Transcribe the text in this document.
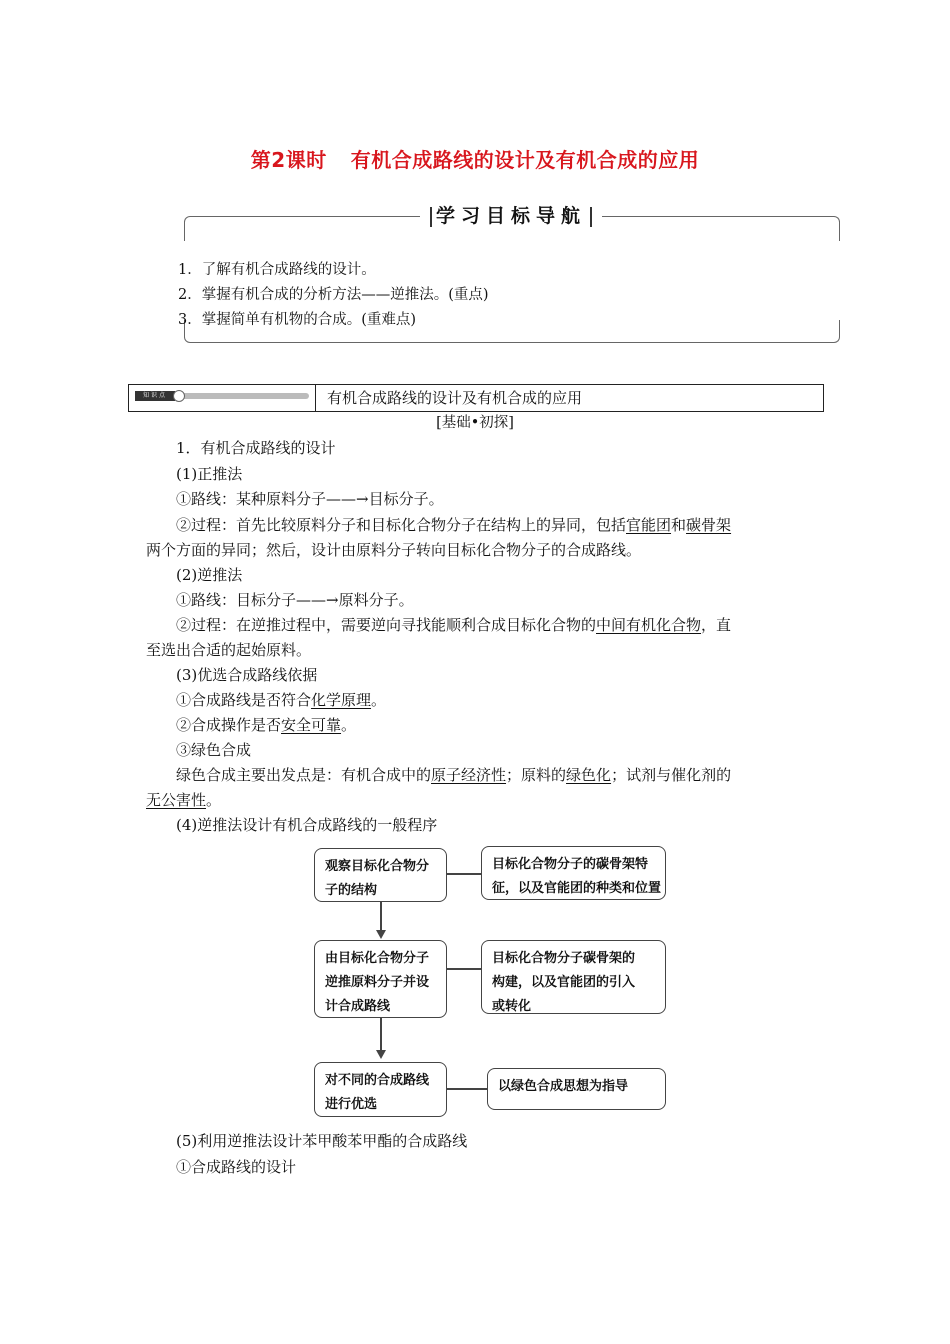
第2课时 有机合成路线的设计及有机合成的应用
学习目标导航
1．了解有机合成路线的设计。
2．掌握有机合成的分析方法——逆推法。(重点)
3．掌握简单有机物的合成。(重难点)
知识点	有机合成路线的设计及有机合成的应用
[基础•初探]
1．有机合成路线的设计
(1)正推法
①路线：某种原料分子——→目标分子。
②过程：首先比较原料分子和目标化合物分子在结构上的异同，包括官能团和碳骨架
两个方面的异同；然后，设计由原料分子转向目标化合物分子的合成路线。
(2)逆推法
①路线：目标分子——→原料分子。
②过程：在逆推过程中，需要逆向寻找能顺利合成目标化合物的中间有机化合物，直
至选出合适的起始原料。
(3)优选合成路线依据
①合成路线是否符合化学原理。
②合成操作是否安全可靠。
③绿色合成
绿色合成主要出发点是：有机合成中的原子经济性；原料的绿色化；试剂与催化剂的
无公害性。
(4)逆推法设计有机合成路线的一般程序
观察目标化合物分
子的结构
目标化合物分子的碳骨架特
征，以及官能团的种类和位置
由目标化合物分子
逆推原料分子并设
计合成路线
目标化合物分子碳骨架的
构建，以及官能团的引入
或转化
对不同的合成路线
进行优选
以绿色合成思想为指导
(5)利用逆推法设计苯甲酸苯甲酯的合成路线
①合成路线的设计
